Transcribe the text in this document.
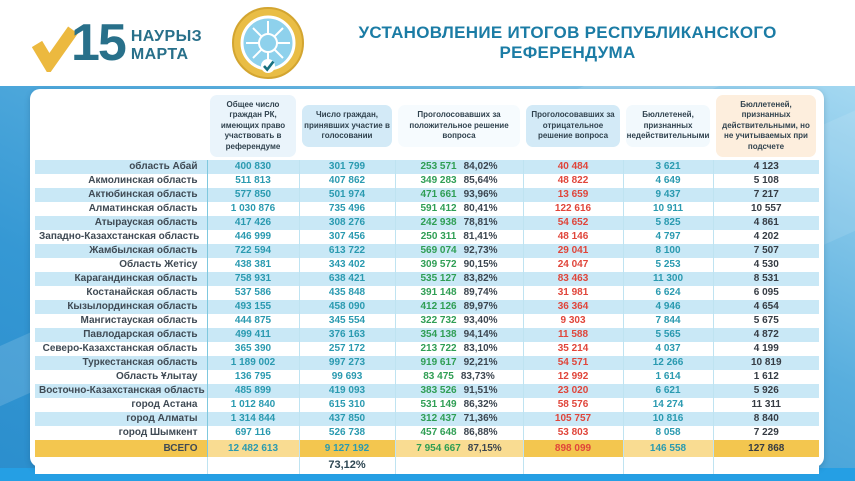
15 НАУРЫЗ
МАРТА
УСТАНОВЛЕНИЕ ИТОГОВ РЕСПУБЛИКАНСКОГО РЕФЕРЕНДУМА

Общее число граждан РК, имеющих право участвовать в референдуме	Число граждан, принявших участие в голосовании	Проголосовавших за положительное решение вопроса	Проголосовавших за отрицательное решение вопроса	Бюллетеней, признанных недействительными	Бюллетеней, признанных действительными, но не учитываемых при подсчете

область Абай	400 830	301 799	253 571 84,02%	40 484	3 621	4 123
Акмолинская область	511 813	407 862	349 283 85,64%	48 822	4 649	5 108
Актюбинская область	577 850	501 974	471 661 93,96%	13 659	9 437	7 217
Алматинская область	1 030 876	735 496	591 412 80,41%	122 616	10 911	10 557
Атырауская область	417 426	308 276	242 938 78,81%	54 652	5 825	4 861
Западно-Казахстанская область	446 999	307 456	250 311 81,41%	48 146	4 797	4 202
Жамбылская область	722 594	613 722	569 074 92,73%	29 041	8 100	7 507
Область Жетісу	438 381	343 402	309 572 90,15%	24 047	5 253	4 530
Карагандинская область	758 931	638 421	535 127 83,82%	83 463	11 300	8 531
Костанайская область	537 586	435 848	391 148 89,74%	31 981	6 624	6 095
Кызылординская область	493 155	458 090	412 126 89,97%	36 364	4 946	4 654
Мангистауская область	444 875	345 554	322 732 93,40%	9 303	7 844	5 675
Павлодарская область	499 411	376 163	354 138 94,14%	11 588	5 565	4 872
Северо-Казахстанская область	365 390	257 172	213 722 83,10%	35 214	4 037	4 199
Туркестанская область	1 189 002	997 273	919 617 92,21%	54 571	12 266	10 819
Область Ұлытау	136 795	99 693	83 475 83,73%	12 992	1 614	1 612
Восточно-Казахстанская область	485 899	419 093	383 526 91,51%	23 020	6 621	5 926
город Астана	1 012 840	615 310	531 149 86,32%	58 576	14 274	11 311
город Алматы	1 314 844	437 850	312 437 71,36%	105 757	10 816	8 840
город Шымкент	697 116	526 738	457 648 86,88%	53 803	8 058	7 229
ВСЕГО	12 482 613	9 127 192	7 954 667 87,15%	898 099	146 558	127 868
		73,12%				
